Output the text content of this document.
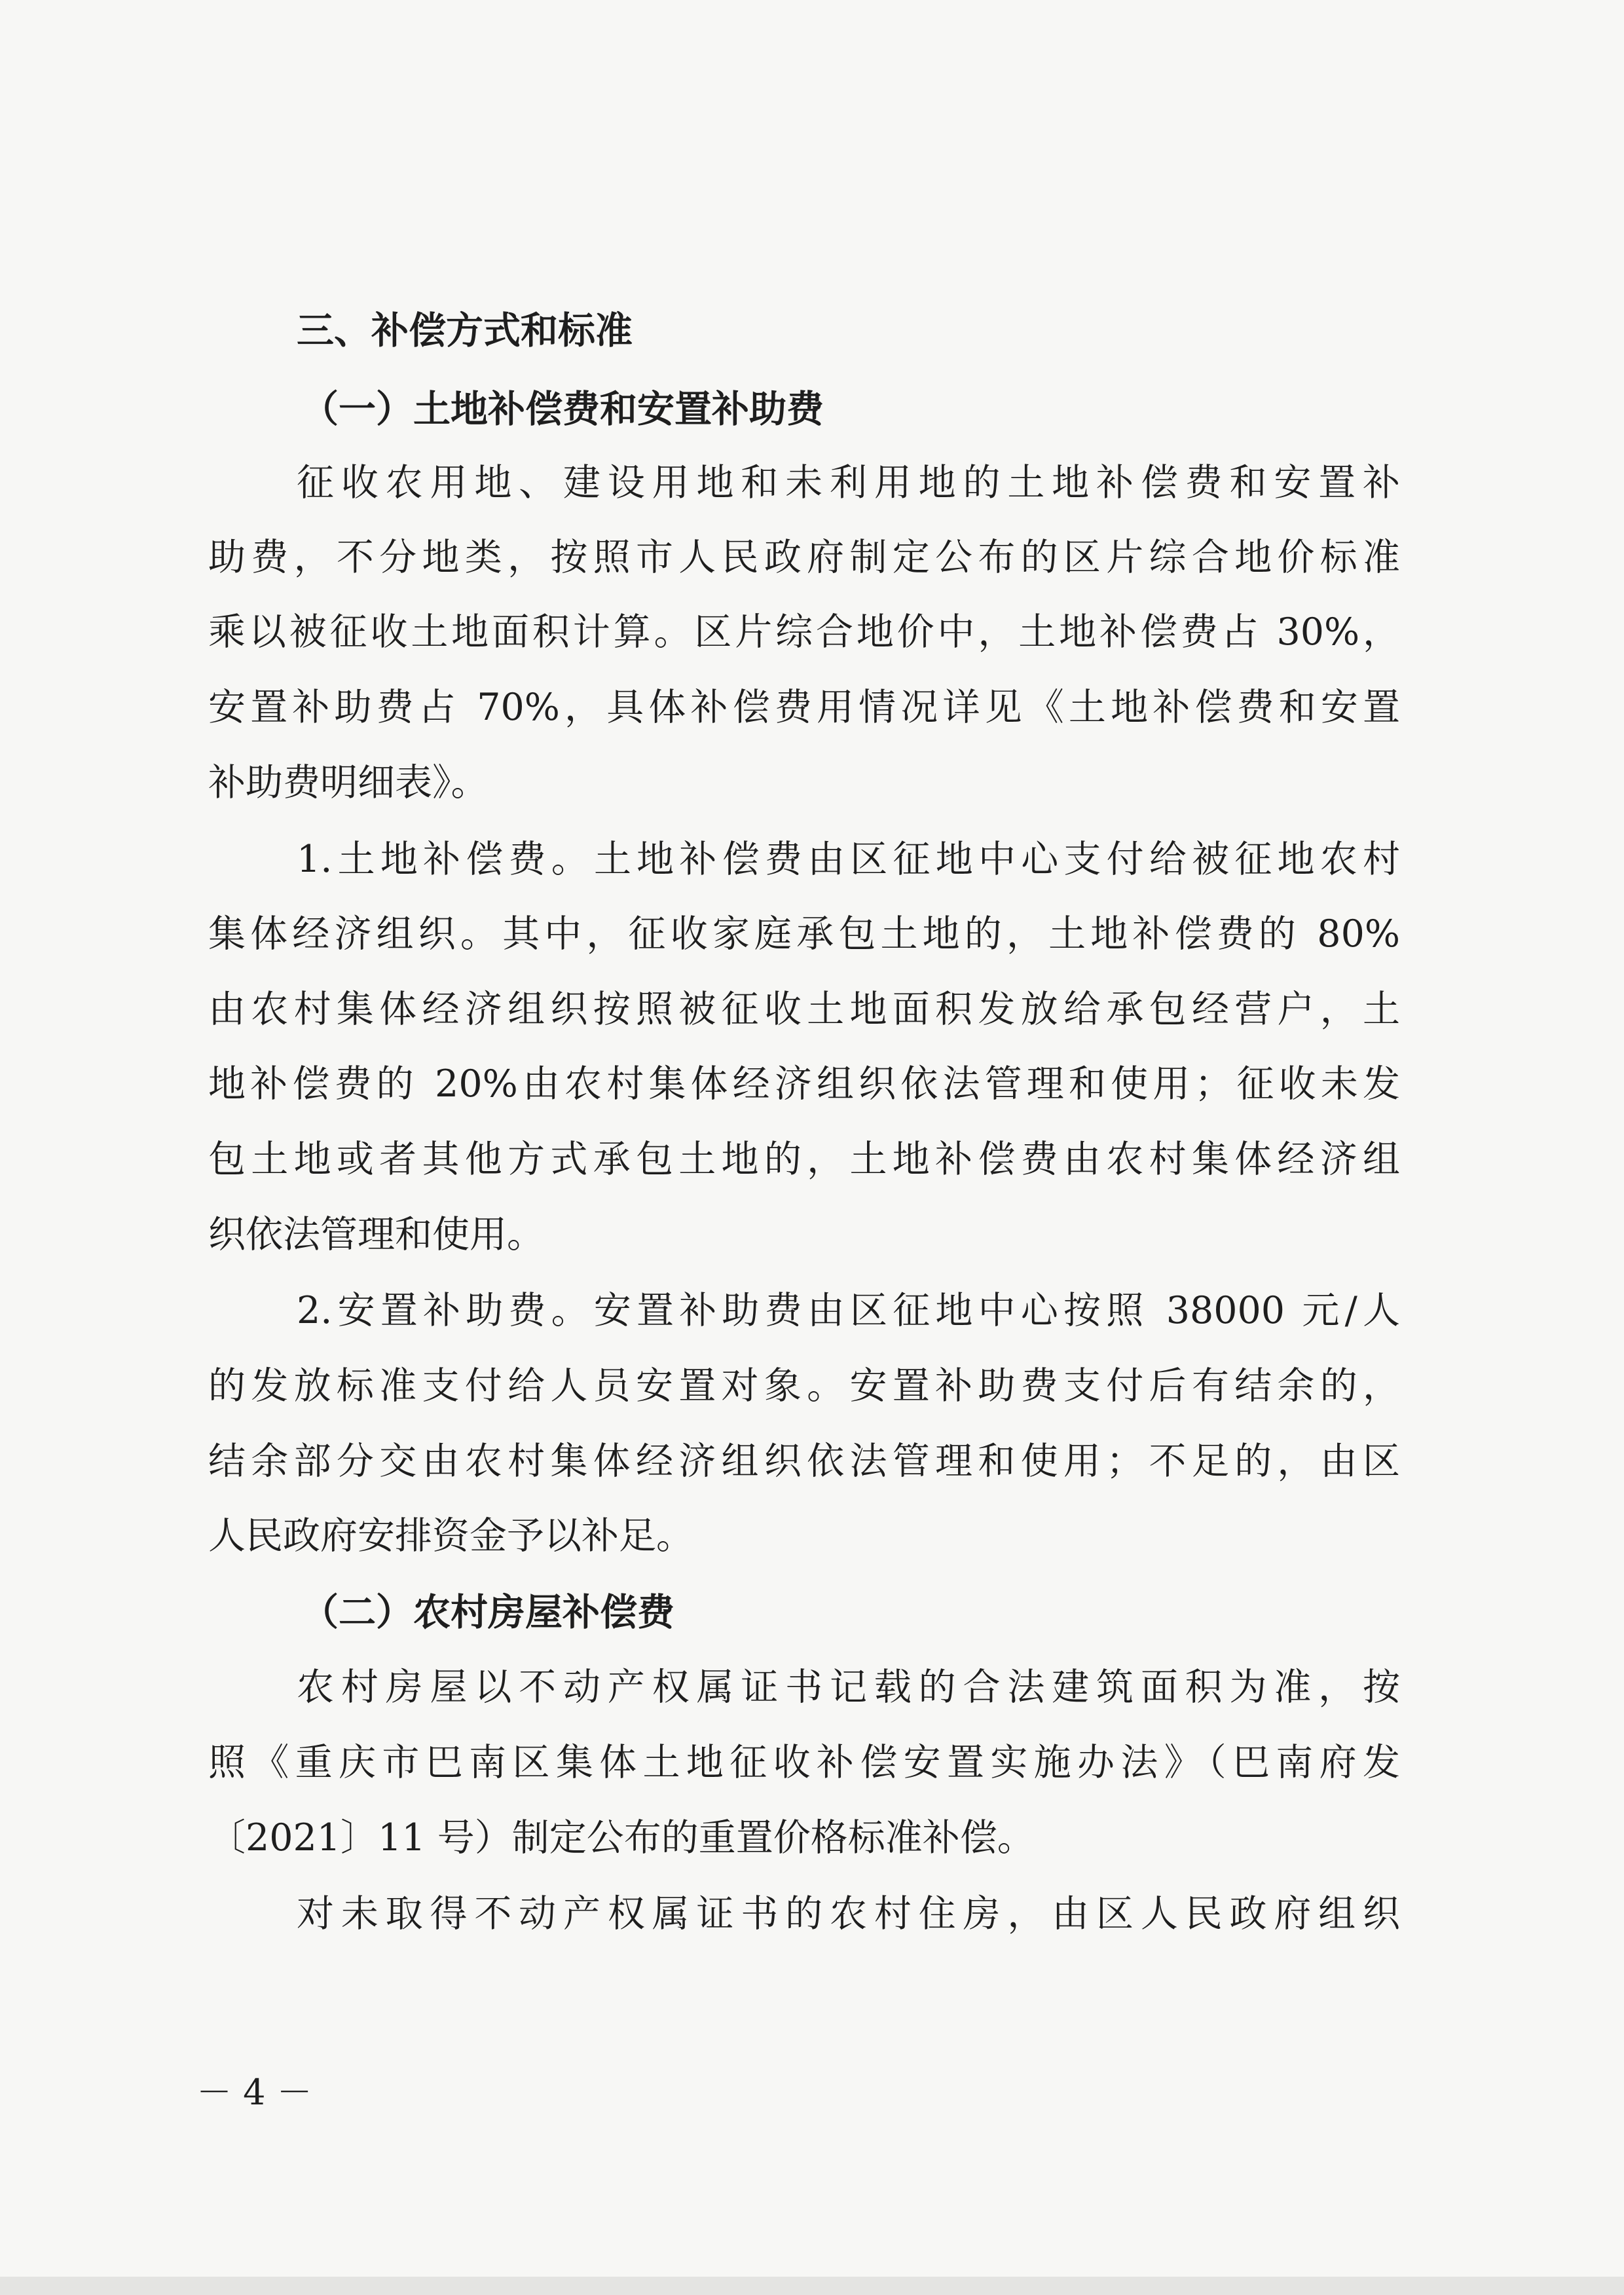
三、补偿方式和标准
（一）土地补偿费和安置补助费
征收农用地、建设用地和未利用地的土地补偿费和安置补
助费，不分地类，按照市人民政府制定公布的区片综合地价标准
乘以被征收土地面积计算。区片综合地价中，土地补偿费占 30%，
安置补助费占 70%，具体补偿费用情况详见《土地补偿费和安置
补助费明细表》。
1.土地补偿费。土地补偿费由区征地中心支付给被征地农村
集体经济组织。其中，征收家庭承包土地的，土地补偿费的 80%
由农村集体经济组织按照被征收土地面积发放给承包经营户，土
地补偿费的 20%由农村集体经济组织依法管理和使用；征收未发
包土地或者其他方式承包土地的，土地补偿费由农村集体经济组
织依法管理和使用。
2.安置补助费。安置补助费由区征地中心按照 38000 元/人
的发放标准支付给人员安置对象。安置补助费支付后有结余的，
结余部分交由农村集体经济组织依法管理和使用；不足的，由区
人民政府安排资金予以补足。
（二）农村房屋补偿费
农村房屋以不动产权属证书记载的合法建筑面积为准，按
照《重庆市巴南区集体土地征收补偿安置实施办法》（巴南府发
〔2021〕11 号）制定公布的重置价格标准补偿。
对未取得不动产权属证书的农村住房，由区人民政府组织
－ 4 －
